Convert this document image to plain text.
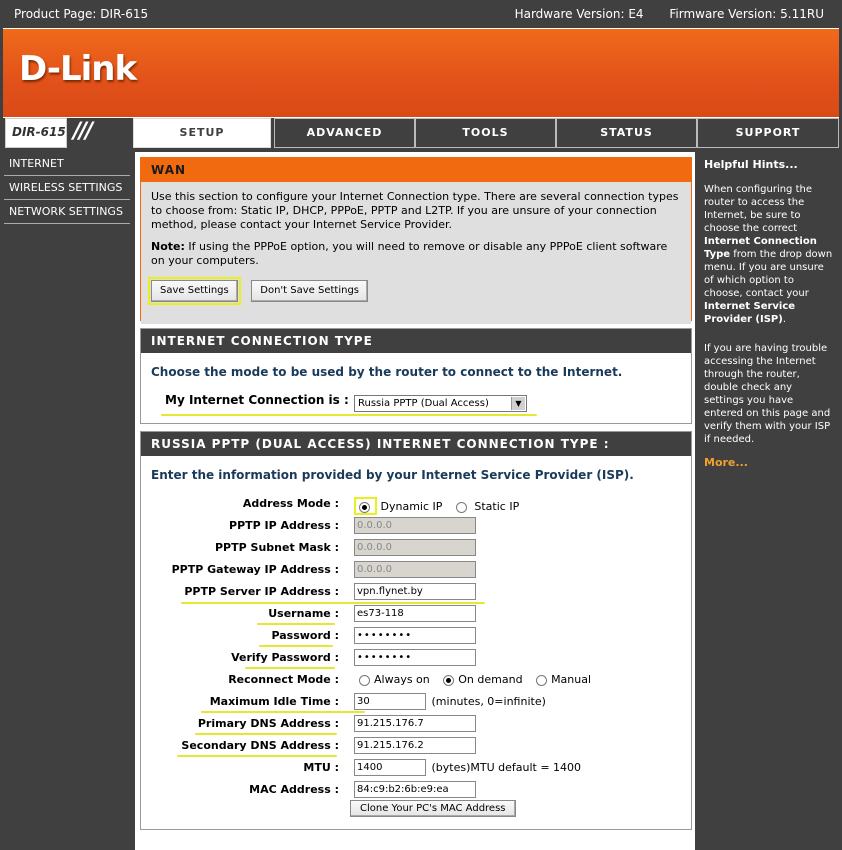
Product Page: DIR-615	Hardware Version: E4 Firmware Version: 5.11RU
D-Link
DIR-615 ///	SETUP	ADVANCED	TOOLS	STATUS	SUPPORT
INTERNET
WIRELESS SETTINGS
NETWORK SETTINGS
WAN
Use this section to configure your Internet Connection type. There are several connection types to choose from: Static IP, DHCP, PPPoE, PPTP and L2TP. If you are unsure of your connection method, please contact your Internet Service Provider.
Note: If using the PPPoE option, you will need to remove or disable any PPPoE client software on your computers.
Save Settings	Don't Save Settings
INTERNET CONNECTION TYPE
Choose the mode to be used by the router to connect to the Internet.
My Internet Connection is : Russia PPTP (Dual Access)	▼
RUSSIA PPTP (DUAL ACCESS) INTERNET CONNECTION TYPE :
Enter the information provided by your Internet Service Provider (ISP).
Address Mode :	Dynamic IP	Static IP
PPTP IP Address :	0.0.0.0
PPTP Subnet Mask :	0.0.0.0
PPTP Gateway IP Address :	0.0.0.0
PPTP Server IP Address :	vpn.flynet.by
Username :	es73-118
Password :	••••••••
Verify Password :	••••••••
Reconnect Mode :	Always on	On demand	Manual
Maximum Idle Time :	30	(minutes, 0=infinite)
Primary DNS Address :	91.215.176.7
Secondary DNS Address :	91.215.176.2
MTU :	1400	(bytes)MTU default = 1400
MAC Address :	84:c9:b2:6b:e9:ea
Clone Your PC's MAC Address
Helpful Hints...
When configuring the router to access the Internet, be sure to choose the correct Internet Connection Type from the drop down menu. If you are unsure of which option to choose, contact your Internet Service Provider (ISP).
If you are having trouble accessing the Internet through the router, double check any settings you have entered on this page and verify them with your ISP if needed.
More...
